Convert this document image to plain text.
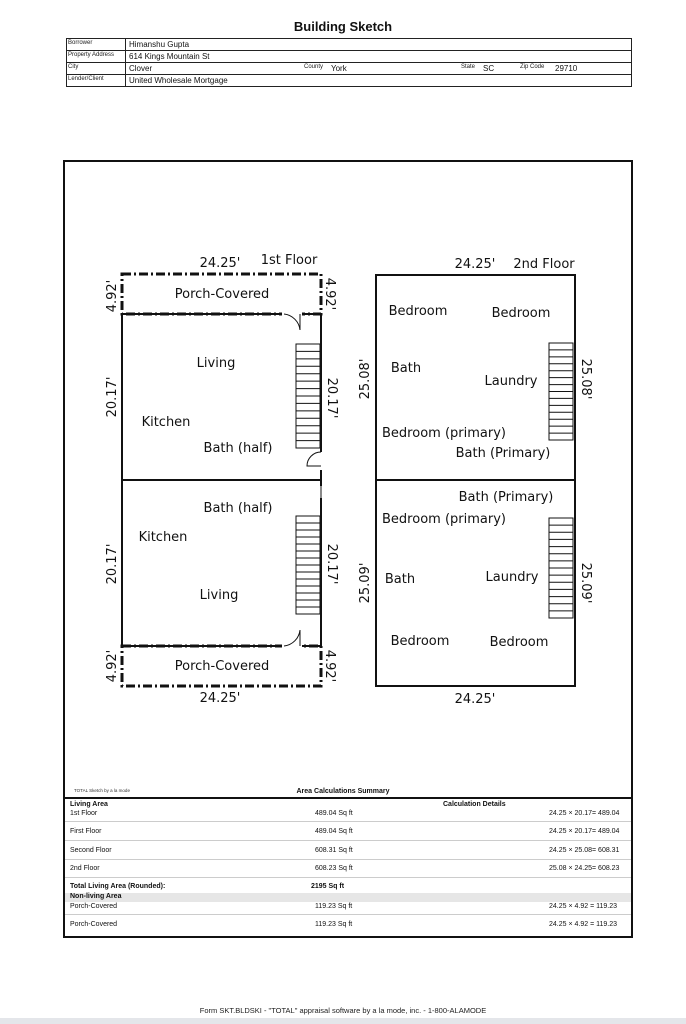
Building Sketch
Borrower	Himanshu Gupta
Property Address 614 Kings Mountain St
City	Clover	County York	State SC	Zip Code 29710
Lender/Client	United Wholesale Mortgage
24.25' 1st Floor
4.92'	4.92'
Porch-Covered
Living
Kitchen
Bath (half)
20.17'	20.17'
Bath (half)
Kitchen
Living
20.17'	20.17'
Porch-Covered
4.92'	4.92'
24.25'
24.25' 2nd Floor
Bedroom	Bedroom
Bath
Laundry
Bedroom (primary)
Bath (Primary)
25.08'	25.08'
Bath (Primary)
Bedroom (primary)
Bath	Laundry
Bedroom	Bedroom
25.09'	25.09'
24.25'
TOTAL Sketch by a la mode	Area Calculations Summary
Living Area	Calculation Details
1st Floor	489.04 Sq ft	24.25 × 20.17= 489.04
First Floor	489.04 Sq ft	24.25 × 20.17= 489.04
Second Floor	608.31 Sq ft	24.25 × 25.08= 608.31
2nd Floor	608.23 Sq ft	25.08 × 24.25= 608.23
Total Living Area (Rounded):	2195 Sq ft
Non-living Area
Porch-Covered	119.23 Sq ft	24.25 × 4.92 = 119.23
Porch-Covered	119.23 Sq ft	24.25 × 4.92 = 119.23
Form SKT.BLDSKI - "TOTAL" appraisal software by a la mode, inc. - 1-800-ALAMODE
